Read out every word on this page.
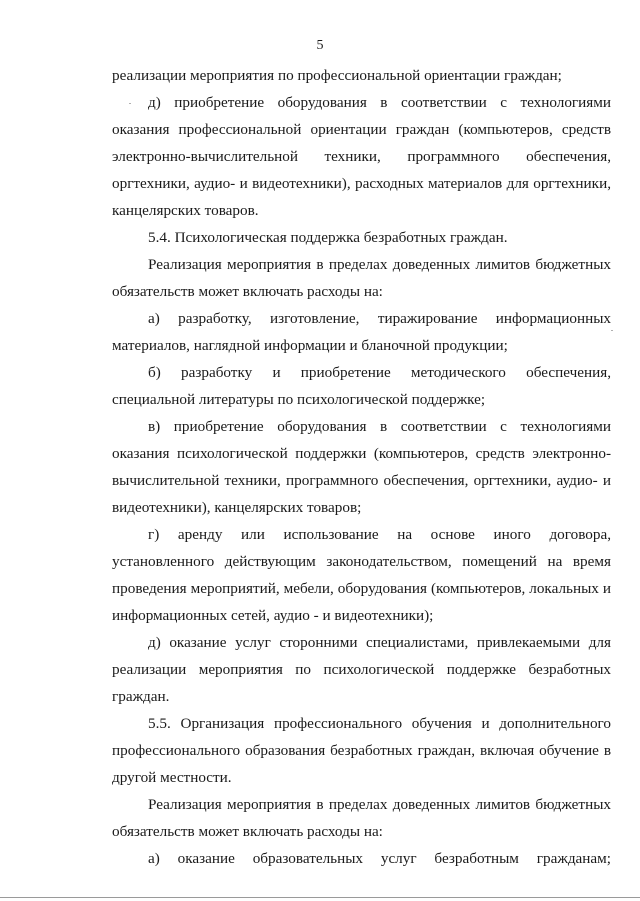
5

реализации мероприятия по профессиональной ориентации граждан;

д) приобретение оборудования в соответствии с технологиями оказания профессиональной ориентации граждан (компьютеров, средств электронно-вычислительной техники, программного обеспечения, оргтехники, аудио- и видеотехники), расходных материалов для оргтехники, канцелярских товаров.

5.4. Психологическая поддержка безработных граждан.

Реализация мероприятия в пределах доведенных лимитов бюджетных обязательств может включать расходы на:

а) разработку, изготовление, тиражирование информационных материалов, наглядной информации и бланочной продукции;

б) разработку и приобретение методического обеспечения, специальной литературы по психологической поддержке;

в) приобретение оборудования в соответствии с технологиями оказания психологической поддержки (компьютеров, средств электронно-вычислительной техники, программного обеспечения, оргтехники, аудио- и видеотехники), канцелярских товаров;

г) аренду или использование на основе иного договора, установленного действующим законодательством, помещений на время проведения мероприятий, мебели, оборудования (компьютеров, локальных и информационных сетей, аудио - и видеотехники);

д) оказание услуг сторонними специалистами, привлекаемыми для реализации мероприятия по психологической поддержке безработных граждан.

5.5. Организация профессионального обучения и дополнительного профессионального образования безработных граждан, включая обучение в другой местности.

Реализация мероприятия в пределах доведенных лимитов бюджетных обязательств может включать расходы на:

а) оказание образовательных услуг безработным гражданам;
